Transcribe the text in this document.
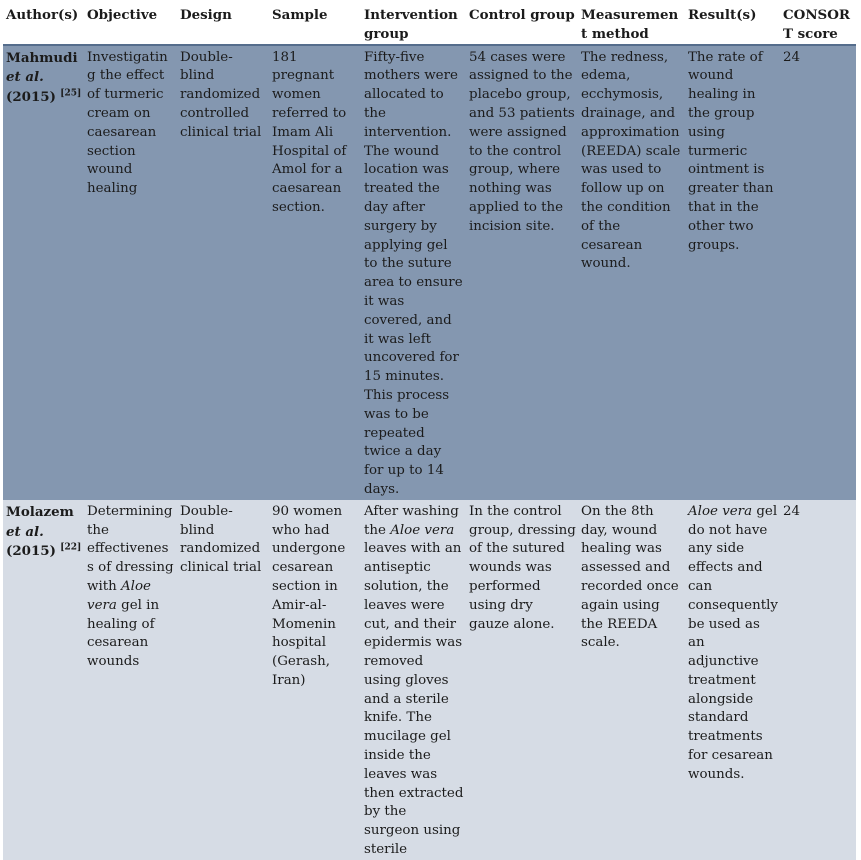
Author(s)	Objective	Design	Sample	Intervention group	Control group	Measurement method	Result(s)	CONSORT score
Mahmudi et al. (2015) [25]	Investigating the effect of turmeric cream on caesarean section wound healing	Double-blind randomized controlled clinical trial	181 pregnant women referred to Imam Ali Hospital of Amol for a caesarean section.	Fifty-five mothers were allocated to the intervention. The wound location was treated the day after surgery by applying gel to the suture area to ensure it was covered, and it was left uncovered for 15 minutes. This process was to be repeated twice a day for up to 14 days.	54 cases were assigned to the placebo group, and 53 patients were assigned to the control group, where nothing was applied to the incision site.	The redness, edema, ecchymosis, drainage, and approximation (REEDA) scale was used to follow up on the condition of the cesarean wound.	The rate of wound healing in the group using turmeric ointment is greater than that in the other two groups.	24
Molazem et al. (2015) [22]	Determining the effectiveness of dressing with Aloe vera gel in healing of cesarean wounds	Double-blind randomized clinical trial	90 women who had undergone cesarean section in Amir-al-Momenin hospital (Gerash, Iran)	After washing the Aloe vera leaves with an antiseptic solution, the leaves were cut, and their epidermis was removed using gloves and a sterile knife. The mucilage gel inside the leaves was then extracted by the surgeon using sterile	In the control group, dressing of the sutured wounds was performed using dry gauze alone.	On the 8th day, wound healing was assessed and recorded once again using the REEDA scale.	Aloe vera gel do not have any side effects and can consequently be used as an adjunctive treatment alongside standard treatments for cesarean wounds.	24
